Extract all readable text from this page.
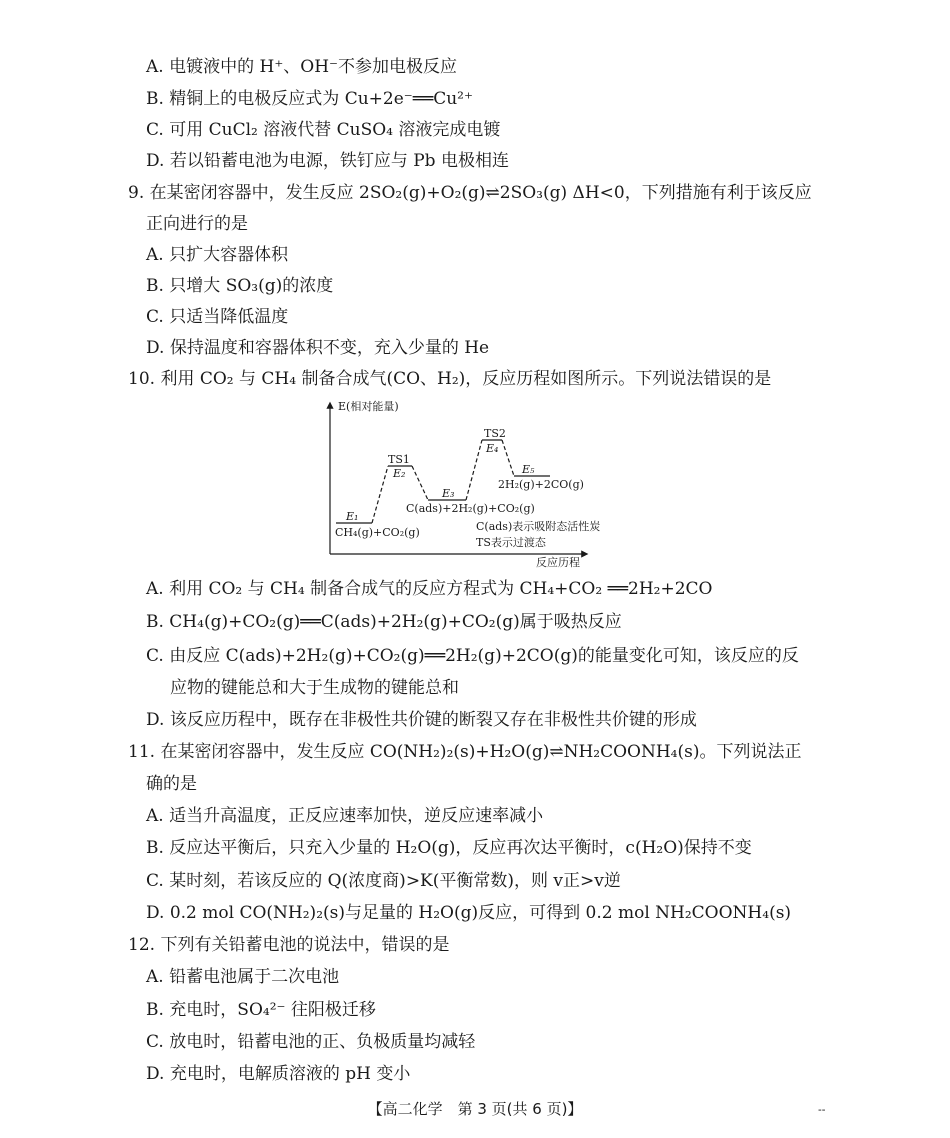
A. 电镀液中的 H⁺、OH⁻不参加电极反应
B. 精铜上的电极反应式为 Cu+2e⁻══Cu²⁺
C. 可用 CuCl₂ 溶液代替 CuSO₄ 溶液完成电镀
D. 若以铅蓄电池为电源，铁钉应与 Pb 电极相连
9. 在某密闭容器中，发生反应 2SO₂(g)+O₂(g)⇌2SO₃(g) ΔH<0，下列措施有利于该反应
正向进行的是
A. 只扩大容器体积
B. 只增大 SO₃(g)的浓度
C. 只适当降低温度
D. 保持温度和容器体积不变，充入少量的 He
10. 利用 CO₂ 与 CH₄ 制备合成气(CO、H₂)，反应历程如图所示。下列说法错误的是
E(相对能量)
反应历程
TS1
E₂
TS2
E₄
E₁
CH₄(g)+CO₂(g)
E₃
C(ads)+2H₂(g)+CO₂(g)
E₅
2H₂(g)+2CO(g)
C(ads)表示吸附态活性炭
TS表示过渡态
A. 利用 CO₂ 与 CH₄ 制备合成气的反应方程式为 CH₄+CO₂ ══2H₂+2CO
B. CH₄(g)+CO₂(g)══C(ads)+2H₂(g)+CO₂(g)属于吸热反应
C. 由反应 C(ads)+2H₂(g)+CO₂(g)══2H₂(g)+2CO(g)的能量变化可知，该反应的反
应物的键能总和大于生成物的键能总和
D. 该反应历程中，既存在非极性共价键的断裂又存在非极性共价键的形成
11. 在某密闭容器中，发生反应 CO(NH₂)₂(s)+H₂O(g)⇌NH₂COONH₄(s)。下列说法正
确的是
A. 适当升高温度，正反应速率加快，逆反应速率减小
B. 反应达平衡后，只充入少量的 H₂O(g)，反应再次达平衡时，c(H₂O)保持不变
C. 某时刻，若该反应的 Q(浓度商)>K(平衡常数)，则 v正>v逆
D. 0.2 mol CO(NH₂)₂(s)与足量的 H₂O(g)反应，可得到 0.2 mol NH₂COONH₄(s)
12. 下列有关铅蓄电池的说法中，错误的是
A. 铅蓄电池属于二次电池
B. 充电时，SO₄²⁻ 往阳极迁移
C. 放电时，铅蓄电池的正、负极质量均减轻
D. 充电时，电解质溶液的 pH 变小
【高二化学　第 3 页(共 6 页)】	--
